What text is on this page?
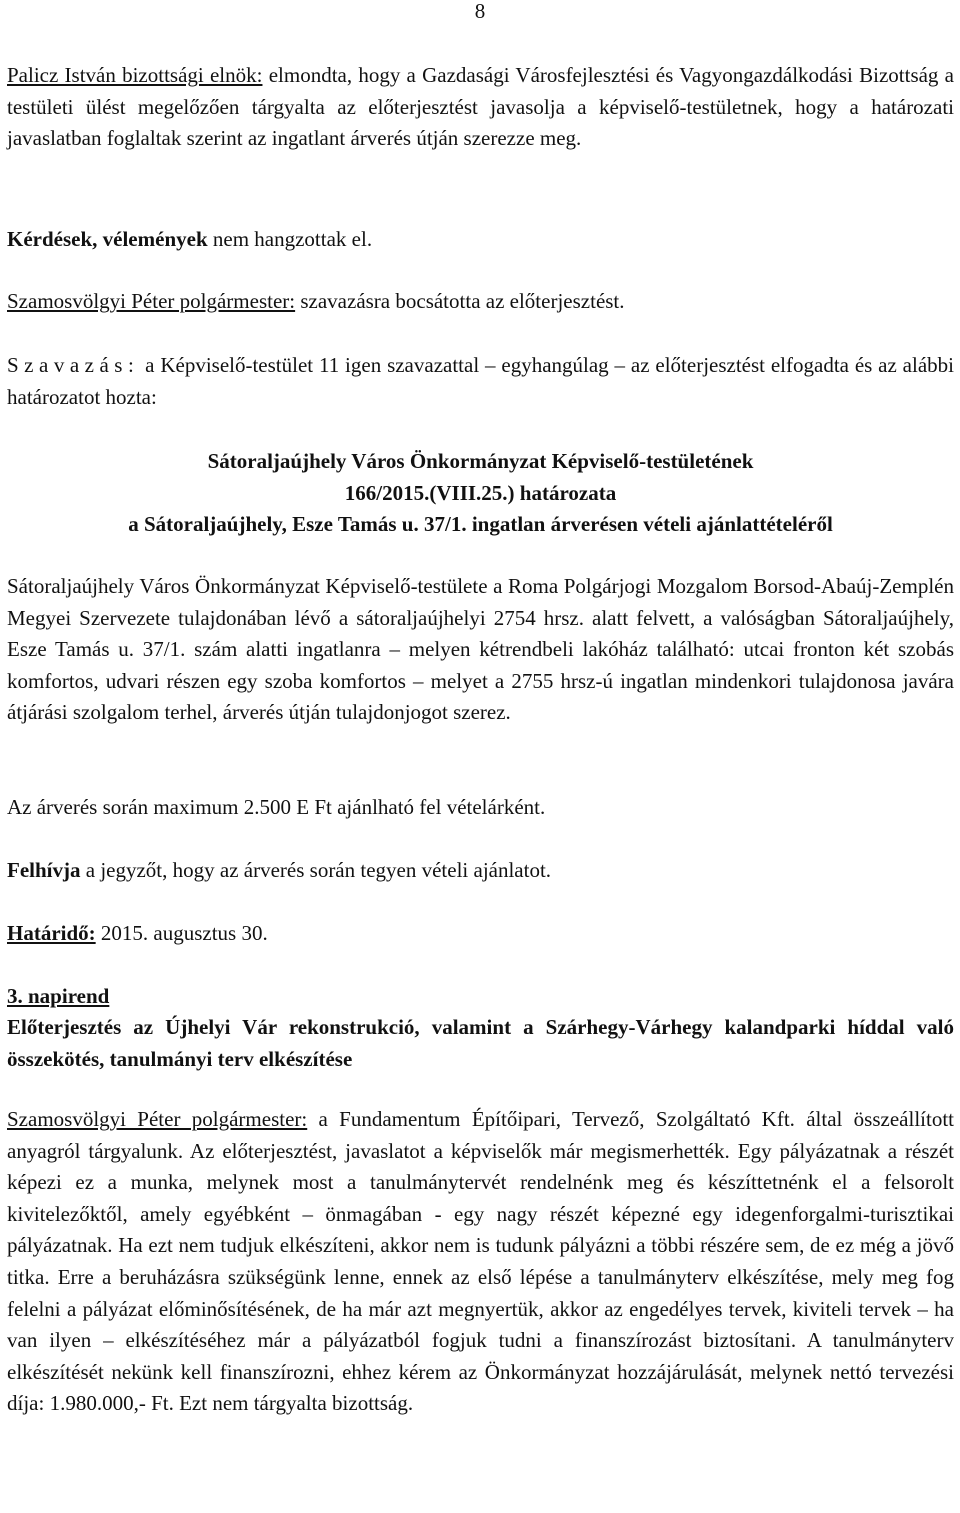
8
Palicz István bizottsági elnök: elmondta, hogy a Gazdasági Városfejlesztési és Vagyongazdálkodási Bizottság a testületi ülést megelőzően tárgyalta az előterjesztést javasolja a képviselő-testületnek, hogy a határozati javaslatban foglaltak szerint az ingatlant árverés útján szerezze meg.
Kérdések, vélemények nem hangzottak el.
Szamosvölgyi Péter polgármester: szavazásra bocsátotta az előterjesztést.
Szavazás: a Képviselő-testület 11 igen szavazattal – egyhangúlag – az előterjesztést elfogadta és az alábbi határozatot hozta:
Sátoraljaújhely Város Önkormányzat Képviselő-testületének
166/2015.(VIII.25.) határozata
a Sátoraljaújhely, Esze Tamás u. 37/1. ingatlan árverésen vételi ajánlattételéről
Sátoraljaújhely Város Önkormányzat Képviselő-testülete a Roma Polgárjogi Mozgalom Borsod-Abaúj-Zemplén Megyei Szervezete tulajdonában lévő a sátoraljaújhelyi 2754 hrsz. alatt felvett, a valóságban Sátoraljaújhely, Esze Tamás u. 37/1. szám alatti ingatlanra – melyen kétrendbeli lakóház található: utcai fronton két szobás komfortos, udvari részen egy szoba komfortos – melyet a 2755 hrsz-ú ingatlan mindenkori tulajdonosa javára átjárási szolgalom terhel, árverés útján tulajdonjogot szerez.
Az árverés során maximum 2.500 E Ft ajánlható fel vételárként.
Felhívja a jegyzőt, hogy az árverés során tegyen vételi ajánlatot.
Határidő: 2015. augusztus 30.
3. napirend
Előterjesztés az Újhelyi Vár rekonstrukció, valamint a Szárhegy-Várhegy kalandparki híddal való összekötés, tanulmányi terv elkészítése
Szamosvölgyi Péter polgármester: a Fundamentum Építőipari, Tervező, Szolgáltató Kft. által összeállított anyagról tárgyalunk. Az előterjesztést, javaslatot a képviselők már megismerhették. Egy pályázatnak a részét képezi ez a munka, melynek most a tanulmánytervét rendelnénk meg és készíttetnénk el a felsorolt kivitelezőktől, amely egyébként – önmagában - egy nagy részét képezné egy idegenforgalmi-turisztikai pályázatnak. Ha ezt nem tudjuk elkészíteni, akkor nem is tudunk pályázni a többi részére sem, de ez még a jövő titka. Erre a beruházásra szükségünk lenne, ennek az első lépése a tanulmányterv elkészítése, mely meg fog felelni a pályázat előminősítésének, de ha már azt megnyertük, akkor az engedélyes tervek, kiviteli tervek – ha van ilyen – elkészítéséhez már a pályázatból fogjuk tudni a finanszírozást biztosítani. A tanulmányterv elkészítését nekünk kell finanszírozni, ehhez kérem az Önkormányzat hozzájárulását, melynek nettó tervezési díja: 1.980.000,- Ft. Ezt nem tárgyalta bizottság.
